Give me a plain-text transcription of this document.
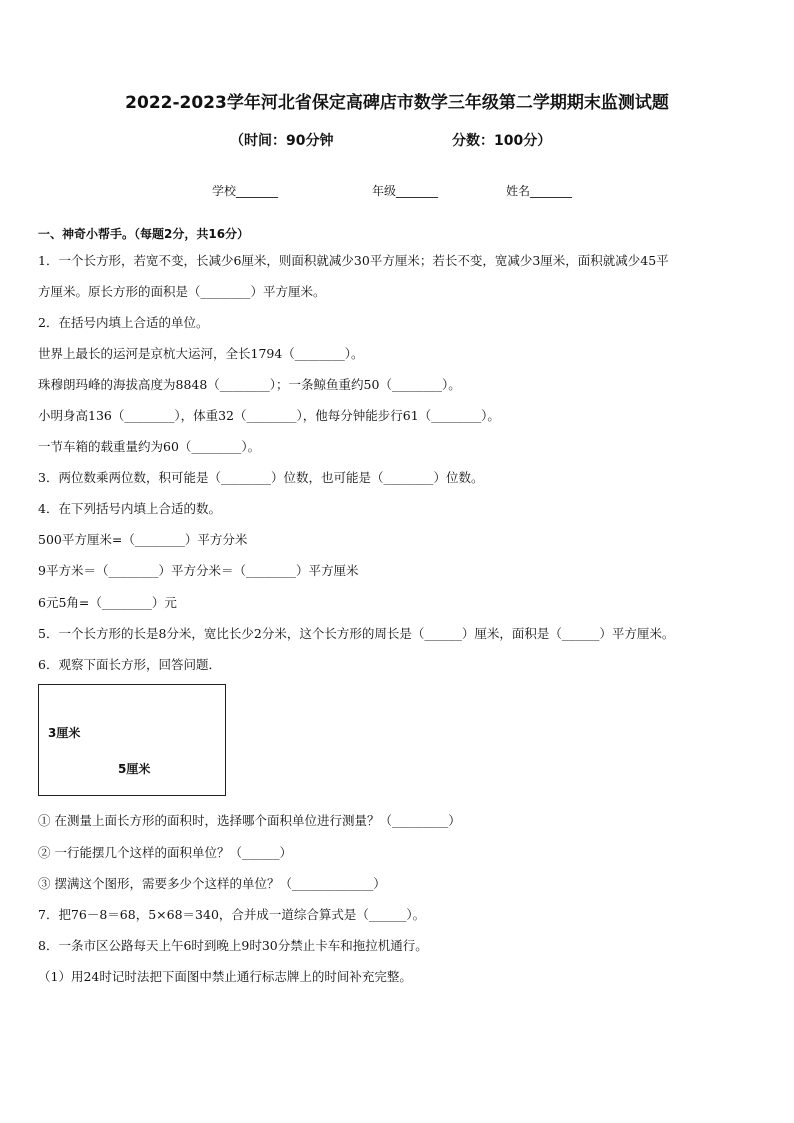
2022-2023学年河北省保定高碑店市数学三年级第二学期期末监测试题
（时间：90分钟	分数：100分）
学校_______	年级_______	姓名_______
一、神奇小帮手。（每题2分，共16分）
1．一个长方形，若宽不变，长减少6厘米，则面积就减少30平方厘米；若长不变，宽减少3厘米，面积就减少45平
方厘米。原长方形的面积是（________）平方厘米。
2．在括号内填上合适的单位。
世界上最长的运河是京杭大运河，全长1794（________）。
珠穆朗玛峰的海拔高度为8848（________）；一条鲸鱼重约50（________）。
小明身高136（________），体重32（________），他每分钟能步行61（________）。
一节车箱的载重量约为60（________）。
3．两位数乘两位数，积可能是（________）位数，也可能是（________）位数。
4．在下列括号内填上合适的数。
500平方厘米=（________）平方分米
9平方米＝（________）平方分米＝（________）平方厘米
6元5角=（________）元
5．一个长方形的长是8分米，宽比长少2分米，这个长方形的周长是（______）厘米，面积是（______）平方厘米。
6．观察下面长方形，回答问题．
3厘米
5厘米
① 在测量上面长方形的面积时，选择哪个面积单位进行测量？（_________）
② 一行能摆几个这样的面积单位？（______）
③ 摆满这个图形，需要多少个这样的单位？（_____________）
7．把76－8＝68，5×68＝340，合并成一道综合算式是（______）。
8．一条市区公路每天上午6时到晚上9时30分禁止卡车和拖拉机通行。
（1）用24时记时法把下面图中禁止通行标志牌上的时间补充完整。
